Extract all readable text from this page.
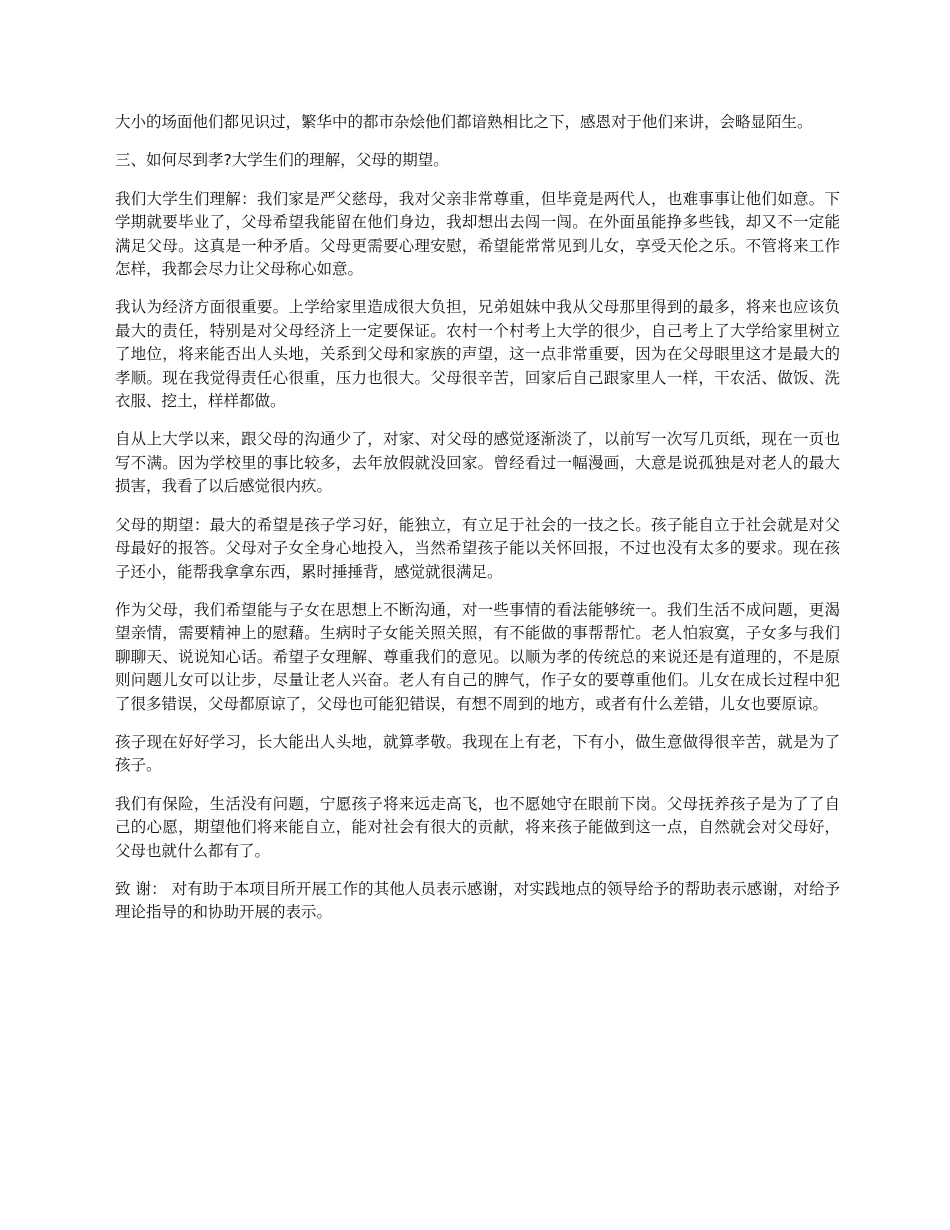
大小的场面他们都见识过，繁华中的都市杂烩他们都谙熟相比之下，感恩对于他们来讲，会略显陌生。

三、如何尽到孝?大学生们的理解，父母的期望。

我们大学生们理解：我们家是严父慈母，我对父亲非常尊重，但毕竟是两代人，也难事事让他们如意。下学期就要毕业了，父母希望我能留在他们身边，我却想出去闯一闯。在外面虽能挣多些钱，却又不一定能满足父母。这真是一种矛盾。父母更需要心理安慰，希望能常常见到儿女，享受天伦之乐。不管将来工作怎样，我都会尽力让父母称心如意。

我认为经济方面很重要。上学给家里造成很大负担，兄弟姐妹中我从父母那里得到的最多，将来也应该负最大的责任，特别是对父母经济上一定要保证。农村一个村考上大学的很少，自己考上了大学给家里树立了地位，将来能否出人头地，关系到父母和家族的声望，这一点非常重要，因为在父母眼里这才是最大的孝顺。现在我觉得责任心很重，压力也很大。父母很辛苦，回家后自己跟家里人一样，干农活、做饭、洗衣服、挖土，样样都做。

自从上大学以来，跟父母的沟通少了，对家、对父母的感觉逐渐淡了，以前写一次写几页纸，现在一页也写不满。因为学校里的事比较多，去年放假就没回家。曾经看过一幅漫画，大意是说孤独是对老人的最大损害，我看了以后感觉很内疚。

父母的期望：最大的希望是孩子学习好，能独立，有立足于社会的一技之长。孩子能自立于社会就是对父母最好的报答。父母对子女全身心地投入，当然希望孩子能以关怀回报，不过也没有太多的要求。现在孩子还小，能帮我拿拿东西，累时捶捶背，感觉就很满足。

作为父母，我们希望能与子女在思想上不断沟通，对一些事情的看法能够统一。我们生活不成问题，更渴望亲情，需要精神上的慰藉。生病时子女能关照关照，有不能做的事帮帮忙。老人怕寂寞，子女多与我们聊聊天、说说知心话。希望子女理解、尊重我们的意见。以顺为孝的传统总的来说还是有道理的，不是原则问题儿女可以让步，尽量让老人兴奋。老人有自己的脾气，作子女的要尊重他们。儿女在成长过程中犯了很多错误，父母都原谅了，父母也可能犯错误，有想不周到的地方，或者有什么差错，儿女也要原谅。

孩子现在好好学习，长大能出人头地，就算孝敬。我现在上有老，下有小，做生意做得很辛苦，就是为了孩子。

我们有保险，生活没有问题，宁愿孩子将来远走高飞，也不愿她守在眼前下岗。父母抚养孩子是为了了自己的心愿，期望他们将来能自立，能对社会有很大的贡献，将来孩子能做到这一点，自然就会对父母好，父母也就什么都有了。

致 谢： 对有助于本项目所开展工作的其他人员表示感谢，对实践地点的领导给予的帮助表示感谢，对给予理论指导的和协助开展的表示。
